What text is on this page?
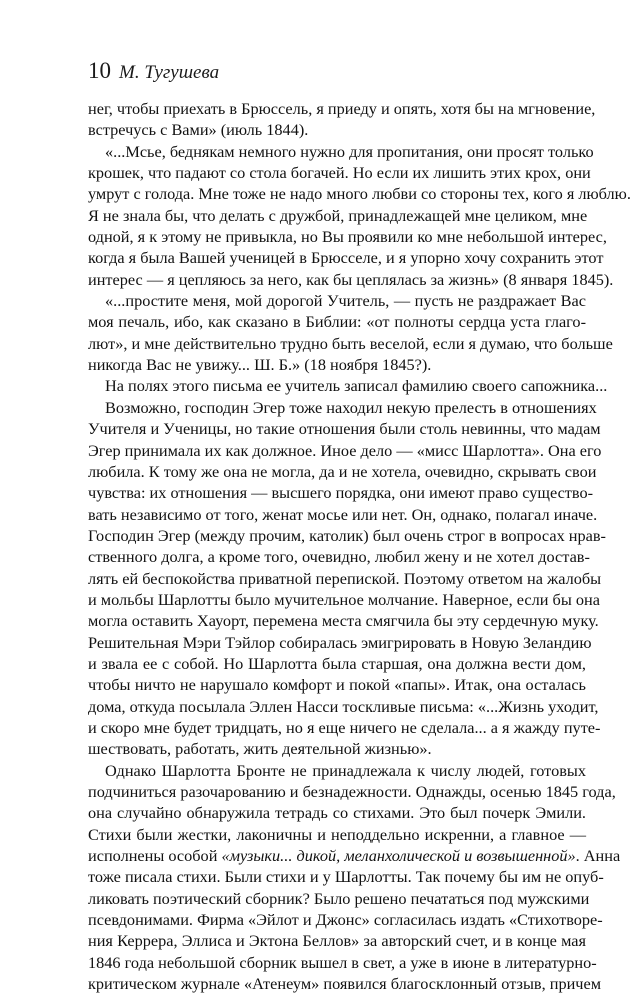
10 М. Тугушева
нег, чтобы приехать в Брюссель, я приеду и опять, хотя бы на мгновение,
встречусь с Вами» (июль 1844).
«...Мсье, беднякам немного нужно для пропитания, они просят только
крошек, что падают со стола богачей. Но если их лишить этих крох, они
умрут с голода. Мне тоже не надо много любви со стороны тех, кого я люблю.
Я не знала бы, что делать с дружбой, принадлежащей мне целиком, мне
одной, я к этому не привыкла, но Вы проявили ко мне небольшой интерес,
когда я была Вашей ученицей в Брюсселе, и я упорно хочу сохранить этот
интерес — я цепляюсь за него, как бы цеплялась за жизнь» (8 января 1845).
«...простите меня, мой дорогой Учитель, — пусть не раздражает Вас
моя печаль, ибо, как сказано в Библии: «от полноты сердца уста глаго-
лют», и мне действительно трудно быть веселой, если я думаю, что больше
никогда Вас не увижу... Ш. Б.» (18 ноября 1845?).
На полях этого письма ее учитель записал фамилию своего сапожника...
Возможно, господин Эгер тоже находил некую прелесть в отношениях
Учителя и Ученицы, но такие отношения были столь невинны, что мадам
Эгер принимала их как должное. Иное дело — «мисс Шарлотта». Она его
любила. К тому же она не могла, да и не хотела, очевидно, скрывать свои
чувства: их отношения — высшего порядка, они имеют право существо-
вать независимо от того, женат мосье или нет. Он, однако, полагал иначе.
Господин Эгер (между прочим, католик) был очень строг в вопросах нрав-
ственного долга, а кроме того, очевидно, любил жену и не хотел достав-
лять ей беспокойства приватной перепиской. Поэтому ответом на жалобы
и мольбы Шарлотты было мучительное молчание. Наверное, если бы она
могла оставить Хауорт, перемена места смягчила бы эту сердечную муку.
Решительная Мэри Тэйлор собиралась эмигрировать в Новую Зеландию
и звала ее с собой. Но Шарлотта была старшая, она должна вести дом,
чтобы ничто не нарушало комфорт и покой «папы». Итак, она осталась
дома, откуда посылала Эллен Насси тоскливые письма: «...Жизнь уходит,
и скоро мне будет тридцать, но я еще ничего не сделала... а я жажду путе-
шествовать, работать, жить деятельной жизнью».
Однако Шарлотта Бронте не принадлежала к числу людей, готовых
подчиниться разочарованию и безнадежности. Однажды, осенью 1845 года,
она случайно обнаружила тетрадь со стихами. Это был почерк Эмили.
Стихи были жестки, лаконичны и неподдельно искренни, а главное —
исполнены особой «музыки... дикой, меланхолической и возвышенной». Анна
тоже писала стихи. Были стихи и у Шарлотты. Так почему бы им не опуб-
ликовать поэтический сборник? Было решено печататься под мужскими
псевдонимами. Фирма «Эйлот и Джонс» согласилась издать «Стихотворе-
ния Керрера, Эллиса и Эктона Беллов» за авторский счет, и в конце мая
1846 года небольшой сборник вышел в свет, а уже в июне в литературно-
критическом журнале «Атенеум» появился благосклонный отзыв, причем
